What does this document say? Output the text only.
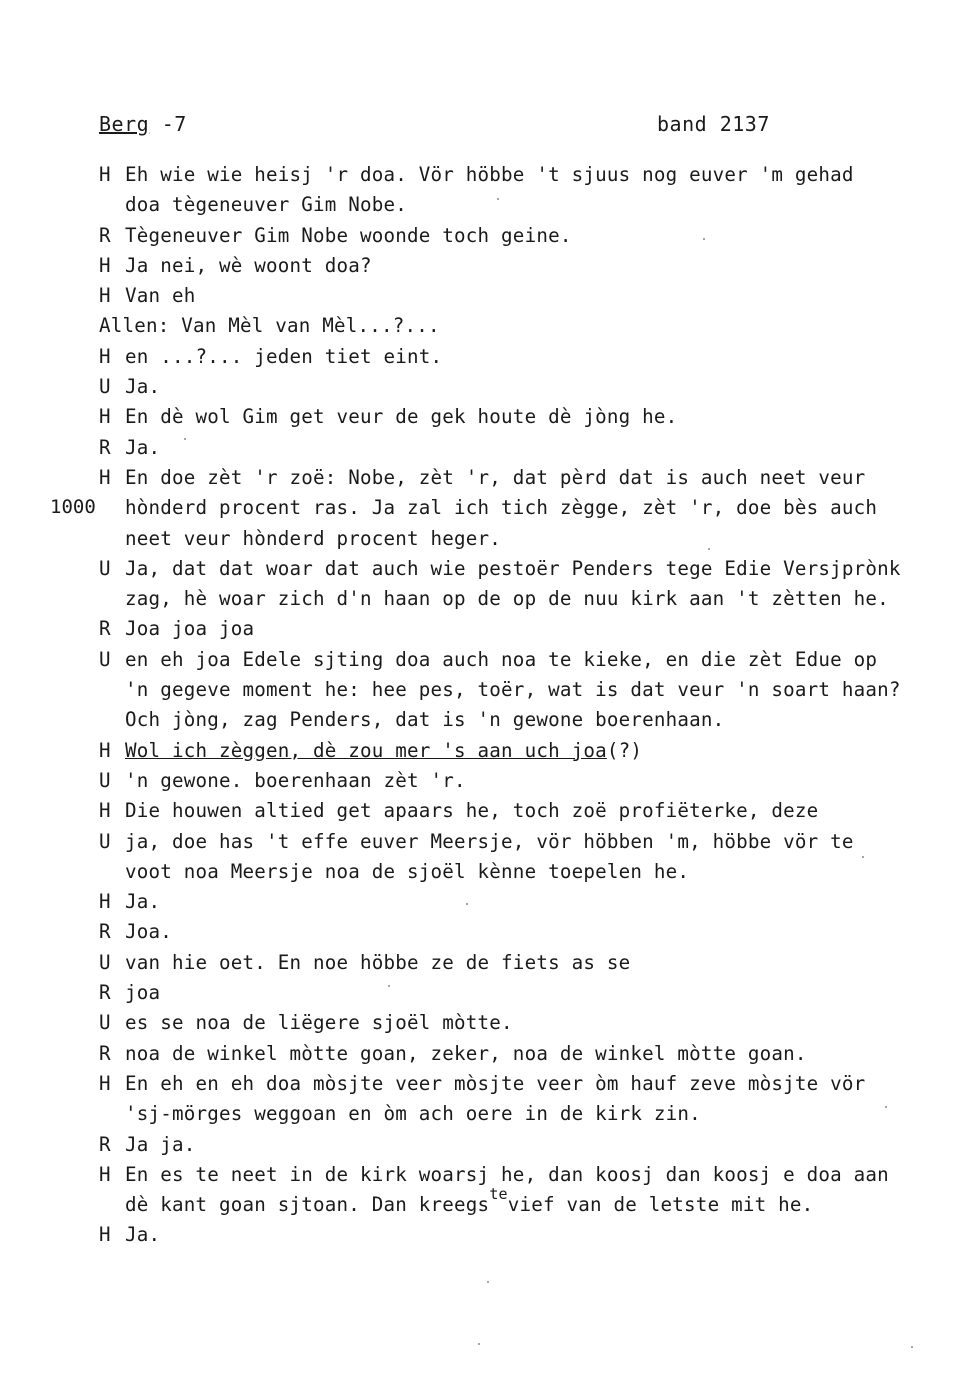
Berg -7	band 2137
1000
H Eh wie wie heisj 'r doa. Vör höbbe 't sjuus nog euver 'm gehad
doa tègeneuver Gim Nobe.
R Tègeneuver Gim Nobe woonde toch geine.
H Ja nei, wè woont doa?
H Van eh
Allen: Van Mèl van Mèl...?...
H en ...?... jeden tiet eint.
U Ja.
H En dè wol Gim get veur de gek houte dè jòng he.
R Ja.
H En doe zèt 'r zoë: Nobe, zèt 'r, dat pèrd dat is auch neet veur
hònderd procent ras. Ja zal ich tich zègge, zèt 'r, doe bès auch
neet veur hònderd procent heger.
U Ja, dat dat woar dat auch wie pestoër Penders tege Edie Versjprònk
zag, hè woar zich d'n haan op de op de nuu kirk aan 't zètten he.
R Joa joa joa
U en eh joa Edele sjting doa auch noa te kieke, en die zèt Edue op
'n gegeve moment he: hee pes, toër, wat is dat veur 'n soart haan?
Och jòng, zag Penders, dat is 'n gewone boerenhaan.
H Wol ich zèggen, dè zou mer 's aan uch joa(?)
U 'n gewone. boerenhaan zèt 'r.
H Die houwen altied get apaars he, toch zoë profiëterke, deze
U ja, doe has 't effe euver Meersje, vör höbben 'm, höbbe vör te
voot noa Meersje noa de sjoël kènne toepelen he.
H Ja.
R Joa.
U van hie oet. En noe höbbe ze de fiets as se
R joa
U es se noa de liëgere sjoël mòtte.
R noa de winkel mòtte goan, zeker, noa de winkel mòtte goan.
H En eh en eh doa mòsjte veer mòsjte veer òm hauf zeve mòsjte vör
'sj-mörges weggoan en òm ach oere in de kirk zin.
R Ja ja.
H En es te neet in de kirk woarsj he, dan koosj dan koosj e doa aan
dè kant goan sjtoan. Dan kreegs$^{te}$vief van de letste mit he.
H Ja.
